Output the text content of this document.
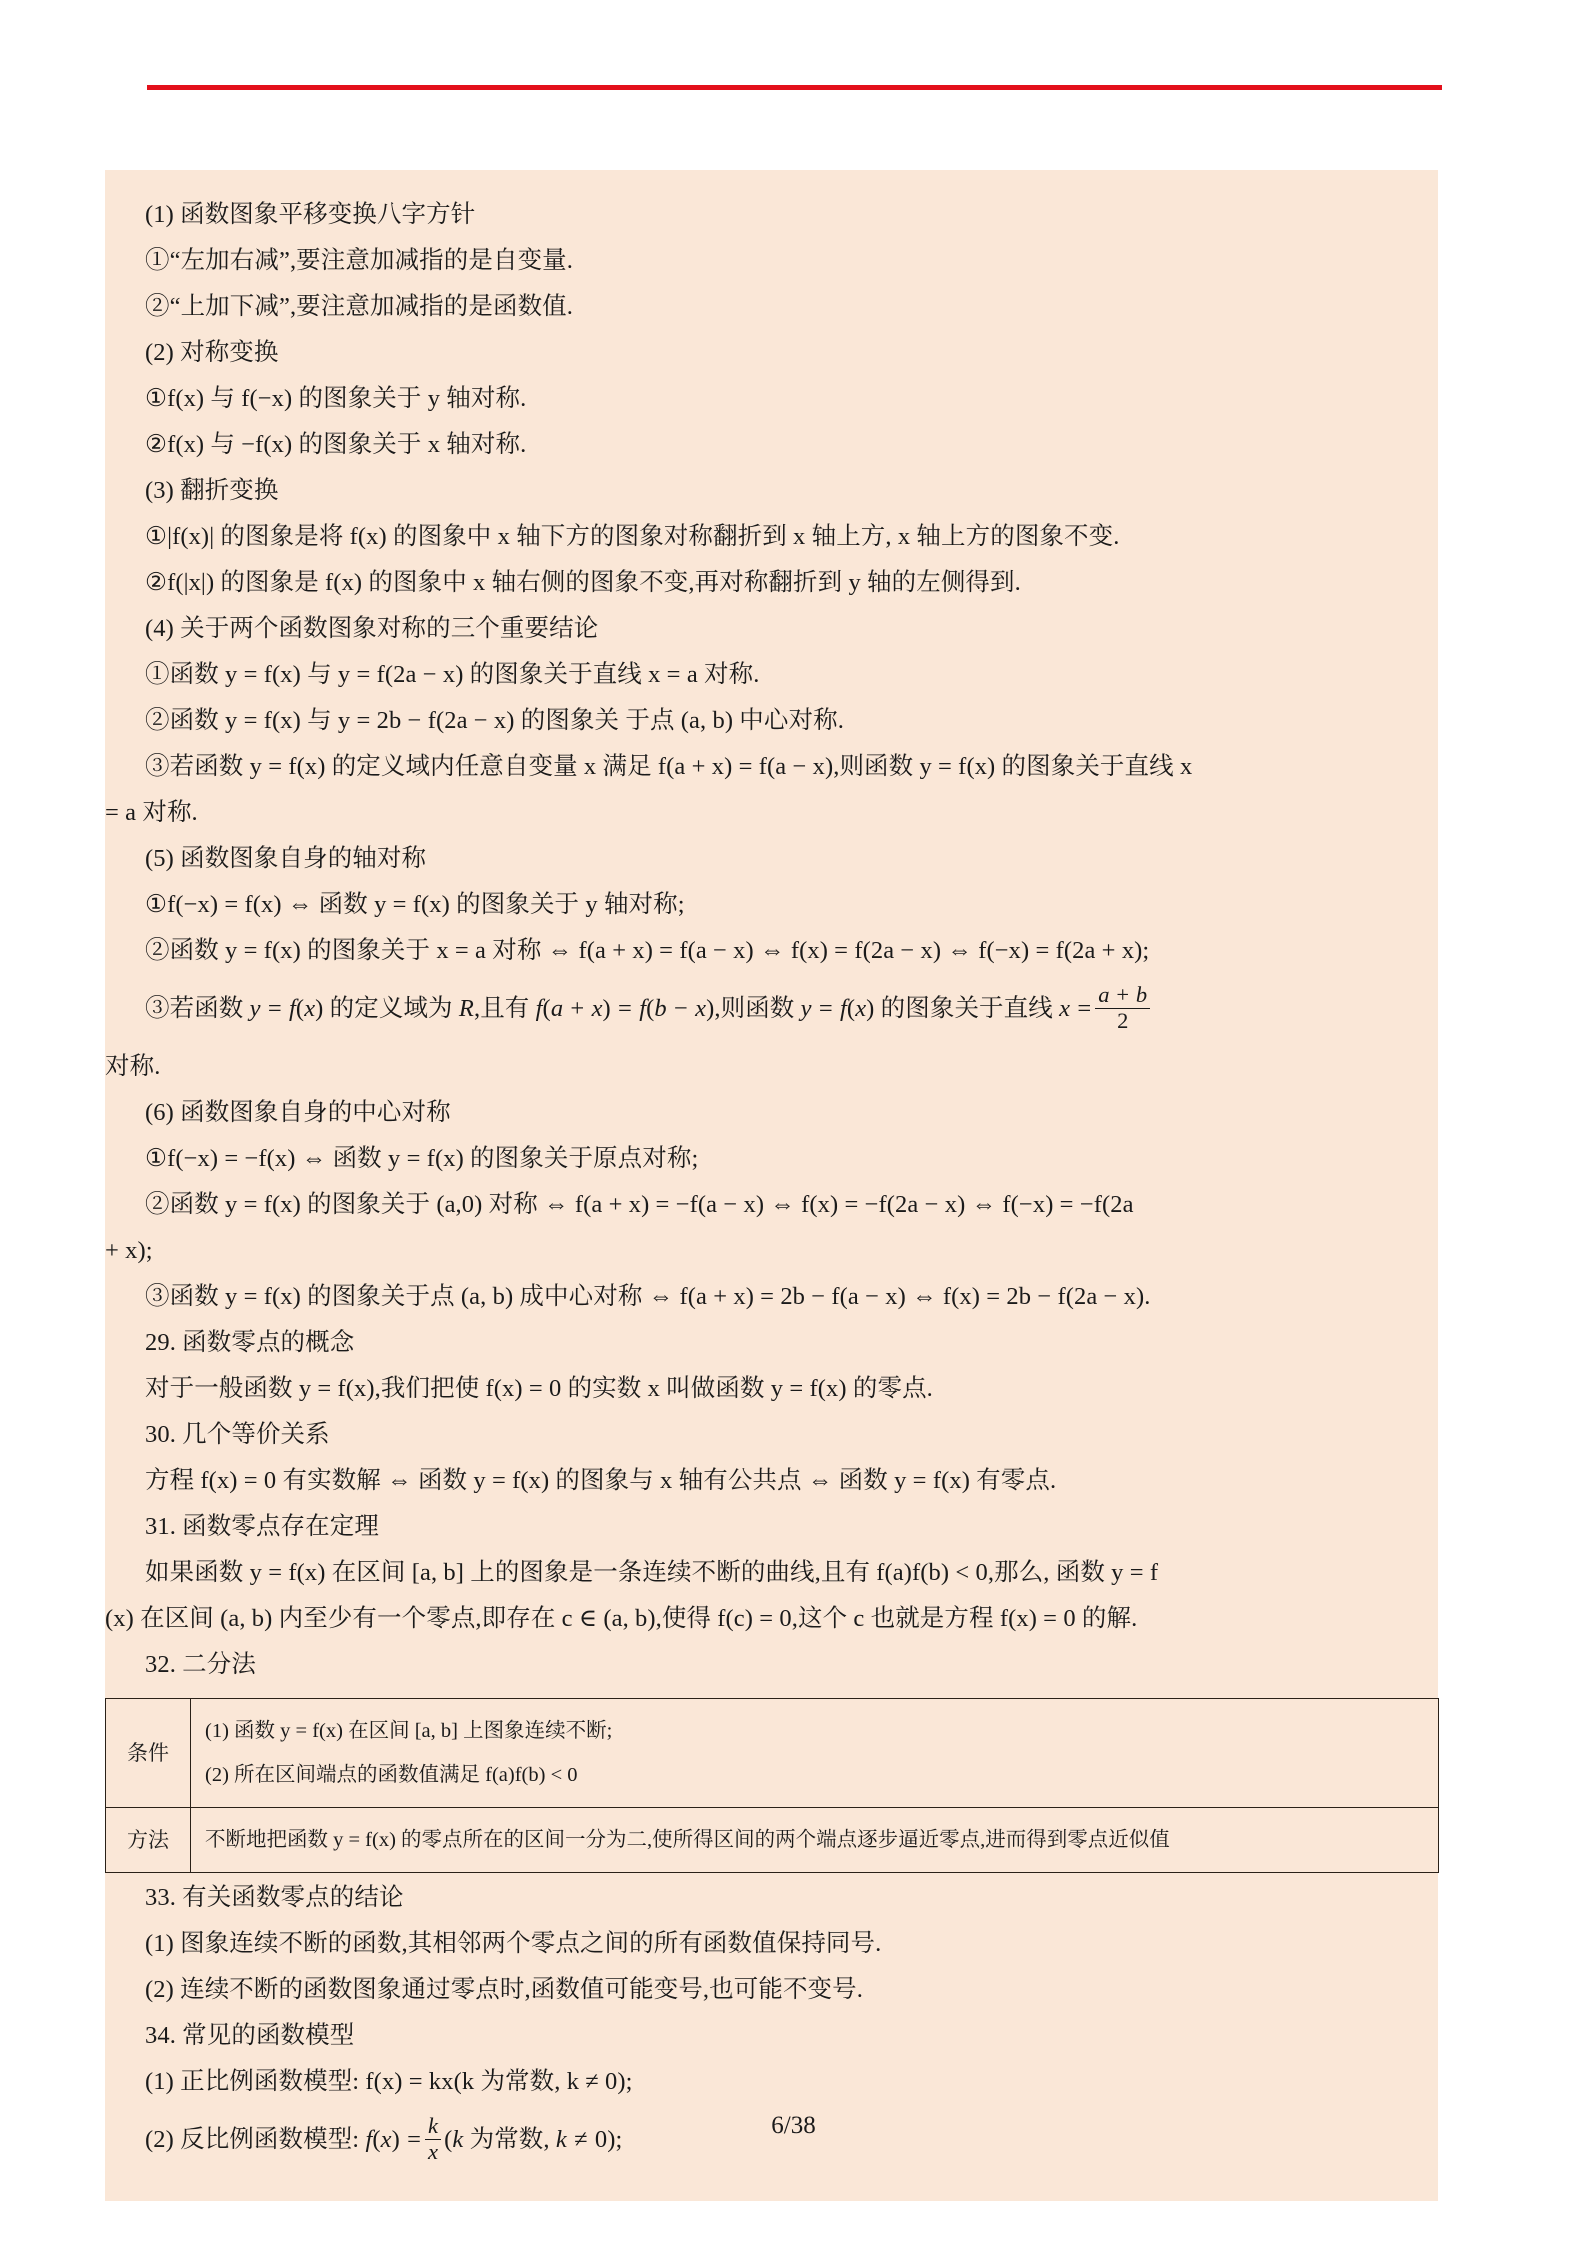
(1) 函数图象平移变换八字方针
①“左加右减”,要注意加减指的是自变量.
②“上加下减”,要注意加减指的是函数值.
(2) 对称变换
①f(x) 与 f(−x) 的图象关于 y 轴对称.
②f(x) 与 −f(x) 的图象关于 x 轴对称.
(3) 翻折变换
①|f(x)| 的图象是将 f(x) 的图象中 x 轴下方的图象对称翻折到 x 轴上方, x 轴上方的图象不变.
②f(|x|) 的图象是 f(x) 的图象中 x 轴右侧的图象不变,再对称翻折到 y 轴的左侧得到.
(4) 关于两个函数图象对称的三个重要结论
①函数 y = f(x) 与 y = f(2a − x) 的图象关于直线 x = a 对称.
②函数 y = f(x) 与 y = 2b − f(2a − x) 的图象关 于点 (a, b) 中心对称.
③若函数 y = f(x) 的定义域内任意自变量 x 满足 f(a + x) = f(a − x),则函数 y = f(x) 的图象关于直线 x
= a 对称.
(5) 函数图象自身的轴对称
①f(−x) = f(x) ⇔ 函数 y = f(x) 的图象关于 y 轴对称;
②函数 y = f(x) 的图象关于 x = a 对称 ⇔ f(a + x) = f(a − x) ⇔ f(x) = f(2a − x) ⇔ f(−x) = f(2a + x);
③若函数 y = f(x) 的定义域为 R,且有 f(a + x) = f(b − x),则函数 y = f(x) 的图象关于直线 $x = \frac{a + b}{2}$
对称.
(6) 函数图象自身的中心对称
①f(−x) = −f(x) ⇔ 函数 y = f(x) 的图象关于原点对称;
②函数 y = f(x) 的图象关于 (a,0) 对称 ⇔ f(a + x) = −f(a − x) ⇔ f(x) = −f(2a − x) ⇔ f(−x) = −f(2a
+ x);
③函数 y = f(x) 的图象关于点 (a, b) 成中心对称 ⇔ f(a + x) = 2b − f(a − x) ⇔ f(x) = 2b − f(2a − x).
29. 函数零点的概念
对于一般函数 y = f(x),我们把使 f(x) = 0 的实数 x 叫做函数 y = f(x) 的零点.
30. 几个等价关系
方程 f(x) = 0 有实数解 ⇔ 函数 y = f(x) 的图象与 x 轴有公共点 ⇔ 函数 y = f(x) 有零点.
31. 函数零点存在定理
如果函数 y = f(x) 在区间 [a, b] 上的图象是一条连续不断的曲线,且有 f(a)f(b) < 0,那么, 函数 y = f
(x) 在区间 (a, b) 内至少有一个零点,即存在 c ∈ (a, b),使得 f(c) = 0,这个 c 也就是方程 f(x) = 0 的解.
32. 二分法
条件	(1) 函数 y = f(x) 在区间 [a, b] 上图象连续不断;
(2) 所在区间端点的函数值满足 f(a)f(b) < 0

方法	不断地把函数 y = f(x) 的零点所在的区间一分为二,使所得区间的两个端点逐步逼近零点,进而得到零点近似值
33. 有关函数零点的结论
(1) 图象连续不断的函数,其相邻两个零点之间的所有函数值保持同号.
(2) 连续不断的函数图象通过零点时,函数值可能变号,也可能不变号.
34. 常见的函数模型
(1) 正比例函数模型: f(x) = kx(k 为常数, k ≠ 0);
(2) 反比例函数模型: $f(x) = \frac{k}{x} (k$ 为常数, k ≠ 0);
6/38
